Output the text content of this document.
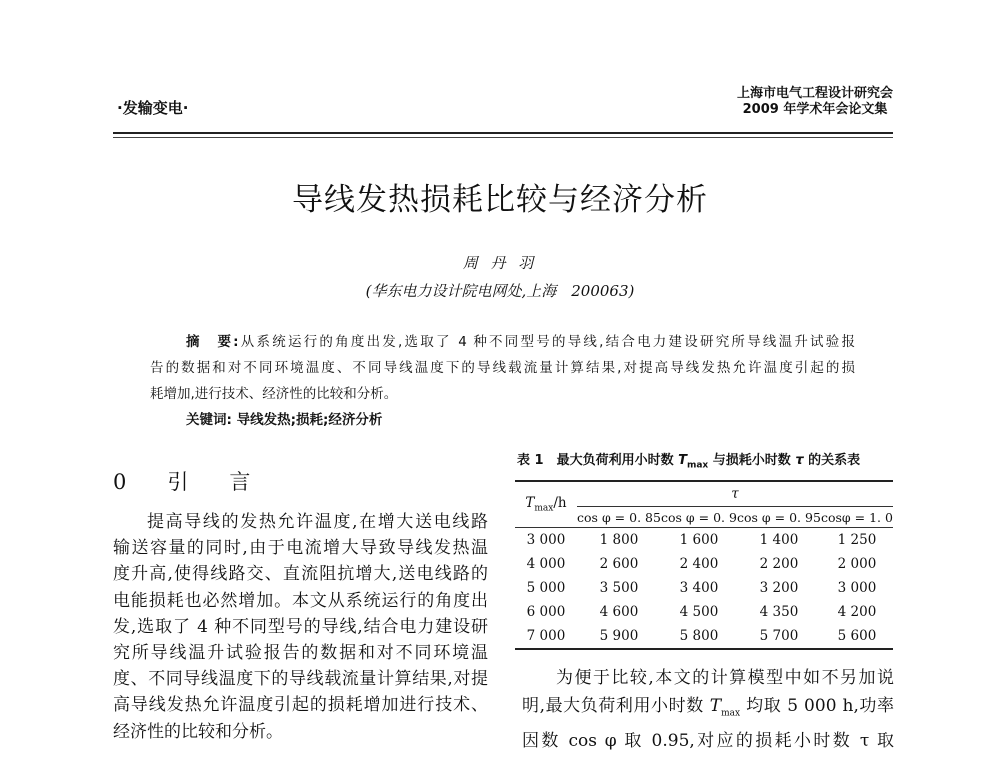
·发输变电·
上海市电气工程设计研究会
2009 年学术年会论文集
导线发热损耗比较与经济分析
周 丹 羽
(华东电力设计院电网处,上海　200063)
摘　要:从系统运行的角度出发,选取了 4 种不同型号的导线,结合电力建设研究所导线温升试验报
告的数据和对不同环境温度、不同导线温度下的导线载流量计算结果,对提高导线发热允许温度引起的损
耗增加,进行技术、经济性的比较和分析。
关键词: 导线发热;损耗;经济分析
0　引　言
提高导线的发热允许温度,在增大送电线路
输送容量的同时,由于电流增大导致导线发热温
度升高,使得线路交、直流阻抗增大,送电线路的
电能损耗也必然增加。本文从系统运行的角度出
发,选取了 4 种不同型号的导线,结合电力建设研
究所导线温升试验报告的数据和对不同环境温
度、不同导线温度下的导线载流量计算结果,对提
高导线发热允许温度引起的损耗增加进行技术、
经济性的比较和分析。
表 1　最大负荷利用小时数 $T_{max}$ 与损耗小时数 τ 的关系表
$T_{max}/h$	τ			
	cos φ = 0. 85	cos φ = 0. 9	cos φ = 0. 95	cosφ = 1. 0
3 000	1 800	1 600	1 400	1 250
4 000	2 600	2 400	2 200	2 000
5 000	3 500	3 400	3 200	3 000
6 000	4 600	4 500	4 350	4 200
7 000	5 900	5 800	5 700	5 600
为便于比较,本文的计算模型中如不另加说
明,最大负荷利用小时数 $T_{max}$ 均取 5 000 h,功率
因数 cos φ 取 0.95,对应的损耗小时数 τ 取
